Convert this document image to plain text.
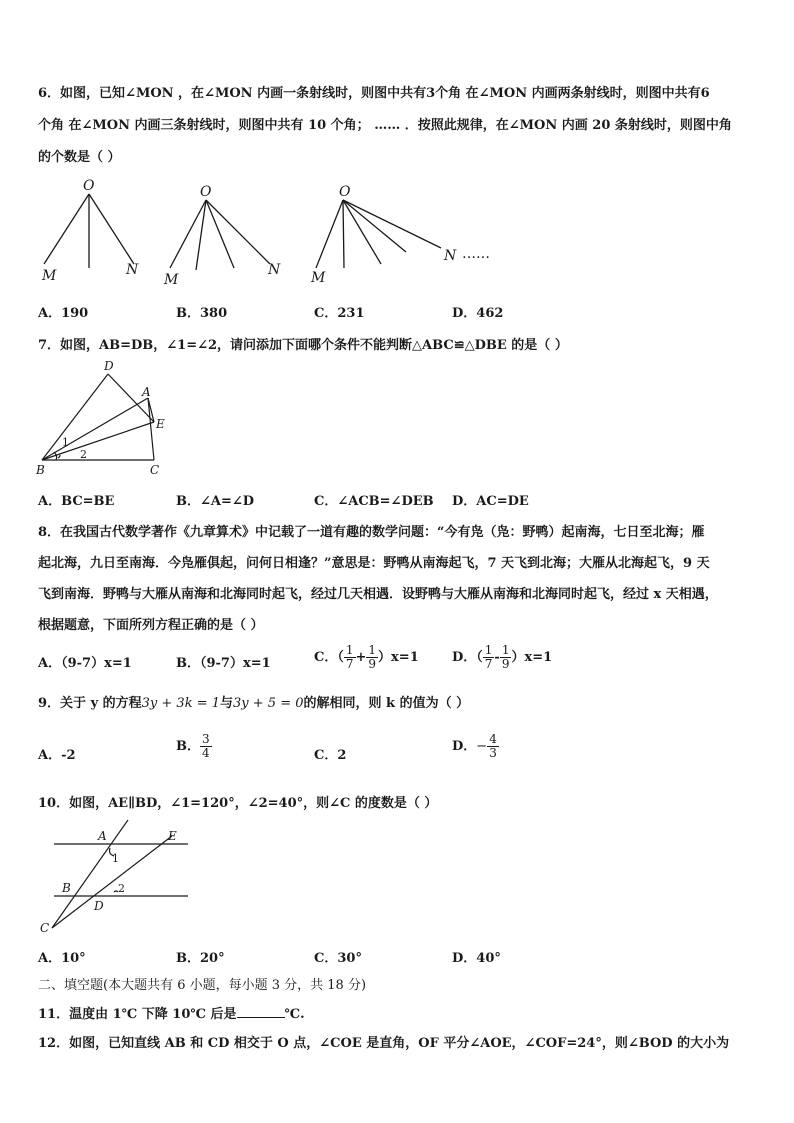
6．如图，已知∠MON ，在∠MON 内画一条射线时，则图中共有3个角 在∠MON 内画两条射线时，则图中共有6
个角 在∠MON 内画三条射线时，则图中共有 10 个角； …… ．按照此规律，在∠MON 内画 20 条射线时，则图中角
的个数是（ ）
O
M	N
O
M
N
O
M
N ……
A．190	B．380	C．231	D．462
7．如图，AB=DB，∠1=∠2，请问添加下面哪个条件不能判断△ABC≌△DBE 的是（ ）
D
A
E
B	C
1
2
A．BC=BE	B．∠A=∠D	C．∠ACB=∠DEB D．AC=DE
8．在我国古代数学著作《九章算术》中记载了一道有趣的数学问题：“今有凫（凫：野鸭）起南海，七日至北海；雁
起北海，九日至南海．今凫雁俱起，问何日相逢？”意思是：野鸭从南海起飞，7 天飞到北海；大雁从北海起飞，9 天
飞到南海．野鸭与大雁从南海和北海同时起飞，经过几天相遇．设野鸭与大雁从南海和北海同时起飞，经过 x 天相遇，
根据题意，下面所列方程正确的是（ ）
A．（9-7）x=1	B．（9-7）x=1	C．（ $\frac{1}{7} + \frac{1}{9} )x=1$	D．（ $\frac{1}{7} - \frac{1}{9} )x=1$
9．关于 y 的方程3y + 3k = 1与3y + 5 = 0的解相同，则 k 的值为（ ）
A．-2
B． $\frac{3}{4}$	C．2
D．− $\frac{4}{3}$
10．如图，AE∥BD，∠1=120°，∠2=40°，则∠C 的度数是（ ）
A	E
B
D
C
1
2
A．10°	B．20°	C．30°	D．40°
二、填空题(本大题共有 6 小题，每小题 3 分，共 18 分)
11．温度由 1℃ 下降 10℃ 后是	℃.
12．如图，已知直线 AB 和 CD 相交于 O 点，∠COE 是直角，OF 平分∠AOE，∠COF=24°，则∠BOD 的大小为
